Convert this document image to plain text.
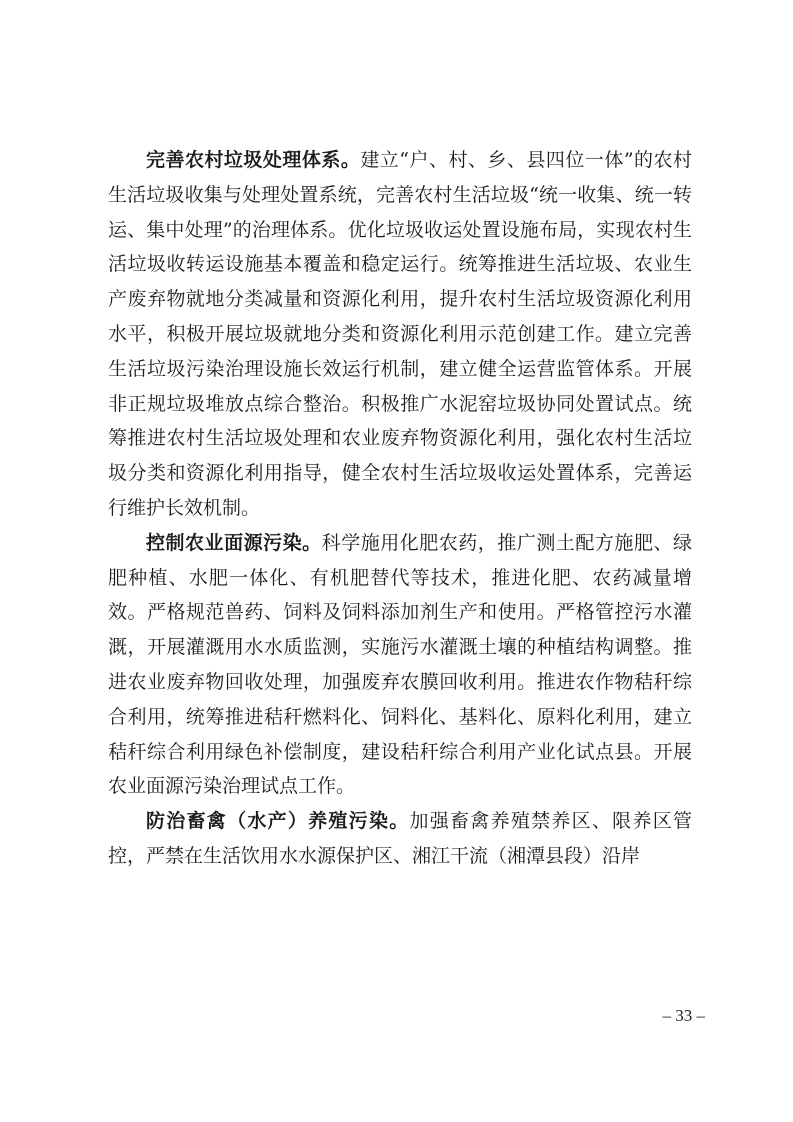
完善农村垃圾处理体系。建立“户、村、乡、县四位一体”的农村生活垃圾收集与处理处置系统，完善农村生活垃圾“统一收集、统一转运、集中处理”的治理体系。优化垃圾收运处置设施布局，实现农村生活垃圾收转运设施基本覆盖和稳定运行。统筹推进生活垃圾、农业生产废弃物就地分类减量和资源化利用，提升农村生活垃圾资源化利用水平，积极开展垃圾就地分类和资源化利用示范创建工作。建立完善生活垃圾污染治理设施长效运行机制，建立健全运营监管体系。开展非正规垃圾堆放点综合整治。积极推广水泥窑垃圾协同处置试点。统筹推进农村生活垃圾处理和农业废弃物资源化利用，强化农村生活垃圾分类和资源化利用指导，健全农村生活垃圾收运处置体系，完善运行维护长效机制。

控制农业面源污染。科学施用化肥农药，推广测土配方施肥、绿肥种植、水肥一体化、有机肥替代等技术，推进化肥、农药减量增效。严格规范兽药、饲料及饲料添加剂生产和使用。严格管控污水灌溉，开展灌溉用水水质监测，实施污水灌溉土壤的种植结构调整。推进农业废弃物回收处理，加强废弃农膜回收利用。推进农作物秸秆综合利用，统筹推进秸秆燃料化、饲料化、基料化、原料化利用，建立秸秆综合利用绿色补偿制度，建设秸秆综合利用产业化试点县。开展农业面源污染治理试点工作。

防治畜禽（水产）养殖污染。加强畜禽养殖禁养区、限养区管控，严禁在生活饮用水水源保护区、湘江干流（湘潭县段）沿岸

– 33 –
